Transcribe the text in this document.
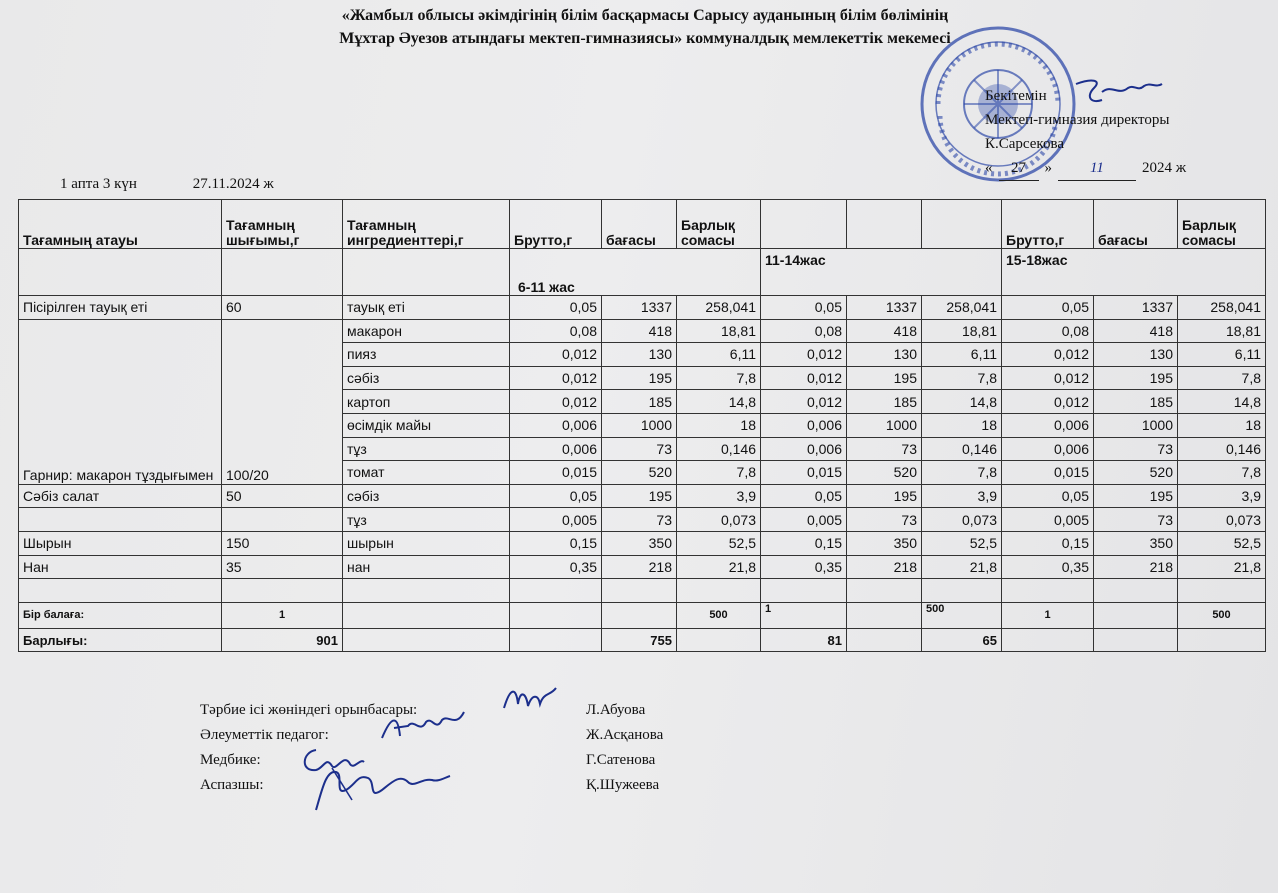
«Жамбыл облысы әкімдігінің білім басқармасы Сарысу ауданының білім бөлімінің
Мұхтар Әуезов атындағы мектеп-гимназиясы» коммуналдық мемлекеттік мекемесі
Бекітемін
Мектеп-гимназия директоры
К.Сарсекова
«	27	»	11	2024 ж
1 апта 3 күн	27.11.2024 ж
Тағамның атауы	Тағамның шығымы,г	Тағамның ингредиенттері,г	Брутто,г	бағасы	Барлық сомасы				Брутто,г	бағасы	Барлық сомасы
			6-11 жас			11-14жас			15-18жас		
Пісірілген тауық еті	60	тауық еті	0,05	1337	258,041	0,05	1337	258,041	0,05	1337	258,041
Гарнир: макарон тұздығымен	100/20	макарон	0,08	418	18,81	0,08	418	18,81	0,08	418	18,81
		пияз	0,012	130	6,11	0,012	130	6,11	0,012	130	6,11
		сәбіз	0,012	195	7,8	0,012	195	7,8	0,012	195	7,8
		картоп	0,012	185	14,8	0,012	185	14,8	0,012	185	14,8
		өсімдік майы	0,006	1000	18	0,006	1000	18	0,006	1000	18
		тұз	0,006	73	0,146	0,006	73	0,146	0,006	73	0,146
		томат	0,015	520	7,8	0,015	520	7,8	0,015	520	7,8
Сәбіз салат	50	сәбіз	0,05	195	3,9	0,05	195	3,9	0,05	195	3,9
		тұз	0,005	73	0,073	0,005	73	0,073	0,005	73	0,073
Шырын	150	шырын	0,15	350	52,5	0,15	350	52,5	0,15	350	52,5
Нан	35	нан	0,35	218	21,8	0,35	218	21,8	0,35	218	21,8

Бір балаға:	1				500	1		500	1		500
Барлығы:	901			755		81		65			
Тәрбие ісі жөніндегі орынбасары:	Л.Абуова
Әлеуметтік педагог:	Ж.Асқанова
Медбике:	Г.Сатенова
Аспазшы:	Қ.Шужеева
